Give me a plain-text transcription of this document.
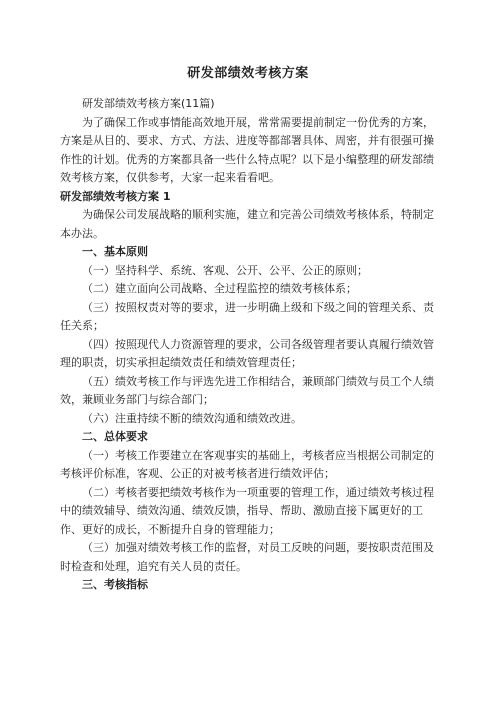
研发部绩效考核方案

研发部绩效考核方案(11篇)

为了确保工作或事情能高效地开展，常常需要提前制定一份优秀的方案，方案是从目的、要求、方式、方法、进度等都部署具体、周密，并有很强可操作性的计划。优秀的方案都具备一些什么特点呢？以下是小编整理的研发部绩效考核方案，仅供参考，大家一起来看看吧。

研发部绩效考核方案 1

为确保公司发展战略的顺利实施，建立和完善公司绩效考核体系，特制定本办法。

一、基本原则

（一）坚持科学、系统、客观、公开、公平、公正的原则；

（二）建立面向公司战略、全过程监控的绩效考核体系；

（三）按照权责对等的要求，进一步明确上级和下级之间的管理关系、责任关系；

（四）按照现代人力资源管理的要求，公司各级管理者要认真履行绩效管理的职责，切实承担起绩效责任和绩效管理责任；

（五）绩效考核工作与评选先进工作相结合，兼顾部门绩效与员工个人绩效，兼顾业务部门与综合部门；

（六）注重持续不断的绩效沟通和绩效改进。

二、总体要求

（一）考核工作要建立在客观事实的基础上，考核者应当根据公司制定的考核评价标准，客观、公正的对被考核者进行绩效评估；

（二）考核者要把绩效考核作为一项重要的管理工作，通过绩效考核过程中的绩效辅导、绩效沟通、绩效反馈，指导、帮助、激励直接下属更好的工作、更好的成长，不断提升自身的管理能力；

（三）加强对绩效考核工作的监督，对员工反映的问题，要按职责范围及时检查和处理，追究有关人员的责任。

三、考核指标
